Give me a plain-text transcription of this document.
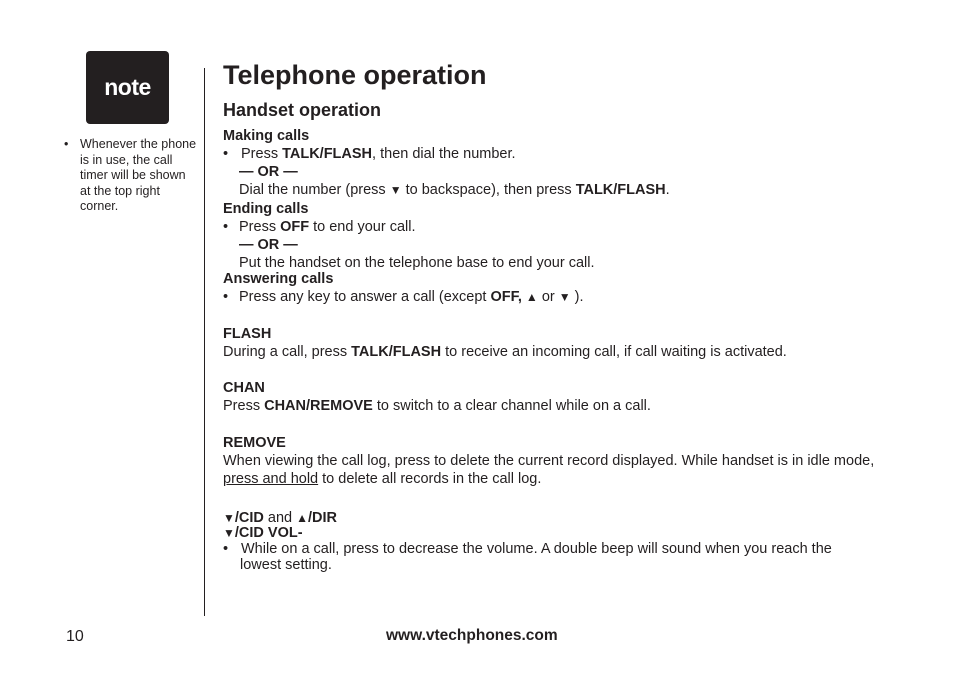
note
• Whenever the phone
is in use, the call
timer will be shown
at the top right
corner.
Telephone operation
Handset operation
Making calls
• Press TALK/FLASH, then dial the number.
— OR —
Dial the number (press ▼ to backspace), then press TALK/FLASH.
Ending calls
• Press OFF to end your call.
— OR —
Put the handset on the telephone base to end your call.
Answering calls
• Press any key to answer a call (except OFF, ▲ or ▼ ).
FLASH
During a call, press TALK/FLASH to receive an incoming call, if call waiting is activated.
CHAN
Press CHAN/REMOVE to switch to a clear channel while on a call.
REMOVE
When viewing the call log, press to delete the current record displayed. While handset is in idle mode,
press and hold to delete all records in the call log.
▼/CID and ▲/DIR
▼/CID VOL-
• While on a call, press to decrease the volume. A double beep will sound when you reach the
lowest setting.
10	www.vtechphones.com
